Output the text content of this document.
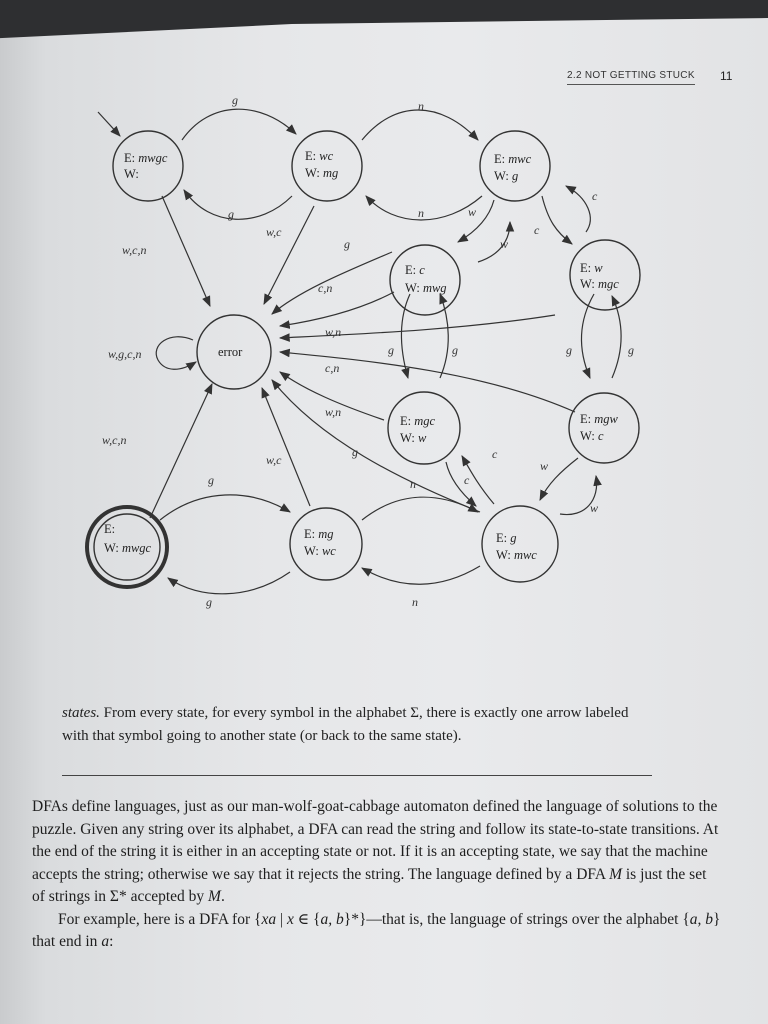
2.2 NOT GETTING STUCK 11
E: mwgc
W:
E: wc
W: mg
E: mwc
W: g
E: c
W: mwg
E: w
W: mgc
error
E: mgc
W: w
E: mgw
W: c
E:
W: mwgc
E: mg
W: wc
E: g
W: mwc
g
g
n
n	w
w
c
c
w,c
g
w,c,n
c,n
w,n
c,n
w,g,c,n	g	g	g	g
w,n
g
w,c,n
w,c
g
c
c
n
w
w
g	n
states. From every state, for every symbol in the alphabet Σ, there is exactly one arrow labeled with that symbol going to another state (or back to the same state).

DFAs define languages, just as our man-wolf-goat-cabbage automaton defined the language of solutions to the puzzle. Given any string over its alphabet, a DFA can read the string and follow its state-to-state transitions. At the end of the string it is either in an accepting state or not. If it is an accepting state, we say that the machine accepts the string; otherwise we say that it rejects the string. The language defined by a DFA M is just the set of strings in Σ* accepted by M.

For example, here is a DFA for {xa | x ∈ {a, b}*}—that is, the language of strings over the alphabet {a, b} that end in a:
